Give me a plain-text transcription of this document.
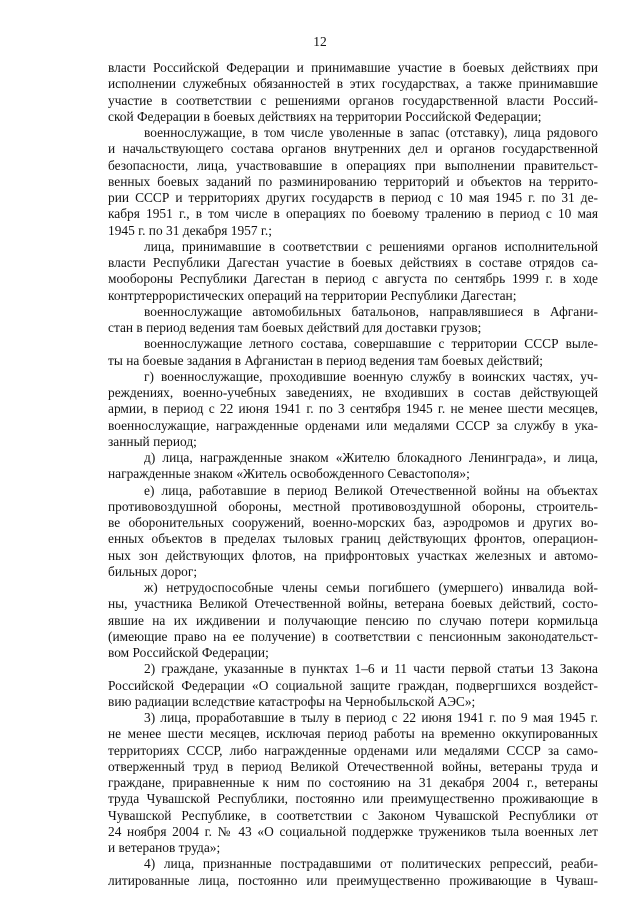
12
власти Российской Федерации и принимавшие участие в боевых действиях при
исполнении служебных обязанностей в этих государствах, а также принимавшие
участие в соответствии с решениями органов государственной власти Россий-
ской Федерации в боевых действиях на территории Российской Федерации;
военнослужащие, в том числе уволенные в запас (отставку), лица рядового
и начальствующего состава органов внутренних дел и органов государственной
безопасности, лица, участвовавшие в операциях при выполнении правительст-
венных боевых заданий по разминированию территорий и объектов на террито-
рии СССР и территориях других государств в период с 10 мая 1945 г. по 31 де-
кабря 1951 г., в том числе в операциях по боевому тралению в период с 10 мая
1945 г. по 31 декабря 1957 г.;
лица, принимавшие в соответствии с решениями органов исполнительной
власти Республики Дагестан участие в боевых действиях в составе отрядов са-
мообороны Республики Дагестан в период с августа по сентябрь 1999 г. в ходе
контртеррористических операций на территории Республики Дагестан;
военнослужащие автомобильных батальонов, направлявшиеся в Афгани-
стан в период ведения там боевых действий для доставки грузов;
военнослужащие летного состава, совершавшие с территории СССР выле-
ты на боевые задания в Афганистан в период ведения там боевых действий;
г) военнослужащие, проходившие военную службу в воинских частях, уч-
реждениях, военно-учебных заведениях, не входивших в состав действующей
армии, в период с 22 июня 1941 г. по 3 сентября 1945 г. не менее шести месяцев,
военнослужащие, награжденные орденами или медалями СССР за службу в ука-
занный период;
д) лица, награжденные знаком «Жителю блокадного Ленинграда», и лица,
награжденные знаком «Житель освобожденного Севастополя»;
е) лица, работавшие в период Великой Отечественной войны на объектах
противовоздушной обороны, местной противовоздушной обороны, строитель-
ве оборонительных сооружений, военно-морских баз, аэродромов и других во-
енных объектов в пределах тыловых границ действующих фронтов, операцион-
ных зон действующих флотов, на прифронтовых участках железных и автомо-
бильных дорог;
ж) нетрудоспособные члены семьи погибшего (умершего) инвалида вой-
ны, участника Великой Отечественной войны, ветерана боевых действий, состо-
явшие на их иждивении и получающие пенсию по случаю потери кормильца
(имеющие право на ее получение) в соответствии с пенсионным законодательст-
вом Российской Федерации;
2) граждане, указанные в пунктах 1–6 и 11 части первой статьи 13 Закона
Российской Федерации «О социальной защите граждан, подвергшихся воздейст-
вию радиации вследствие катастрофы на Чернобыльской АЭС»;
3) лица, проработавшие в тылу в период с 22 июня 1941 г. по 9 мая 1945 г.
не менее шести месяцев, исключая период работы на временно оккупированных
территориях СССР, либо награжденные орденами или медалями СССР за само-
отверженный труд в период Великой Отечественной войны, ветераны труда и
граждане, приравненные к ним по состоянию на 31 декабря 2004 г., ветераны
труда Чувашской Республики, постоянно или преимущественно проживающие в
Чувашской Республике, в соответствии с Законом Чувашской Республики от
24 ноября 2004 г. № 43 «О социальной поддержке тружеников тыла военных лет
и ветеранов труда»;
4) лица, признанные пострадавшими от политических репрессий, реаби-
литированные лица, постоянно или преимущественно проживающие в Чуваш-
